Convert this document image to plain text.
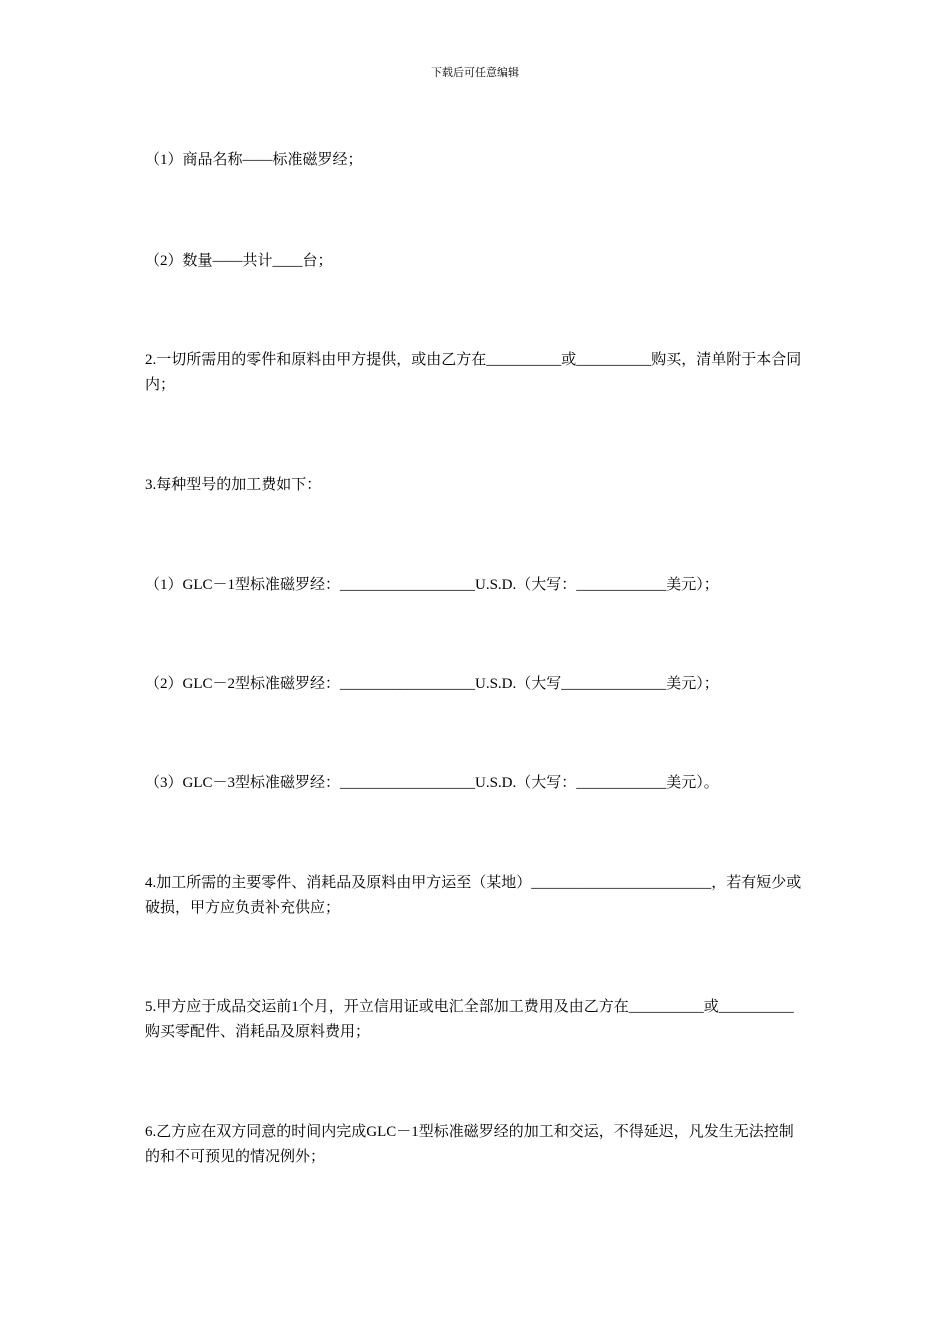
下载后可任意编辑
（1）商品名称——标准磁罗经；
（2）数量——共计____台；
2.一切所需用的零件和原料由甲方提供，或由乙方在__________或__________购买，清单附于本合同内；
3.每种型号的加工费如下：
（1）GLC－1型标准磁罗经：__________________U.S.D.（大写：____________美元）；
（2）GLC－2型标准磁罗经：__________________U.S.D.（大写______________美元）；
（3）GLC－3型标准磁罗经：__________________U.S.D.（大写：____________美元）。
4.加工所需的主要零件、消耗品及原料由甲方运至（某地）________________________，若有短少或破损，甲方应负责补充供应；
5.甲方应于成品交运前1个月，开立信用证或电汇全部加工费用及由乙方在__________或__________购买零配件、消耗品及原料费用；
6.乙方应在双方同意的时间内完成GLC－1型标准磁罗经的加工和交运，不得延迟，凡发生无法控制的和不可预见的情况例外；
